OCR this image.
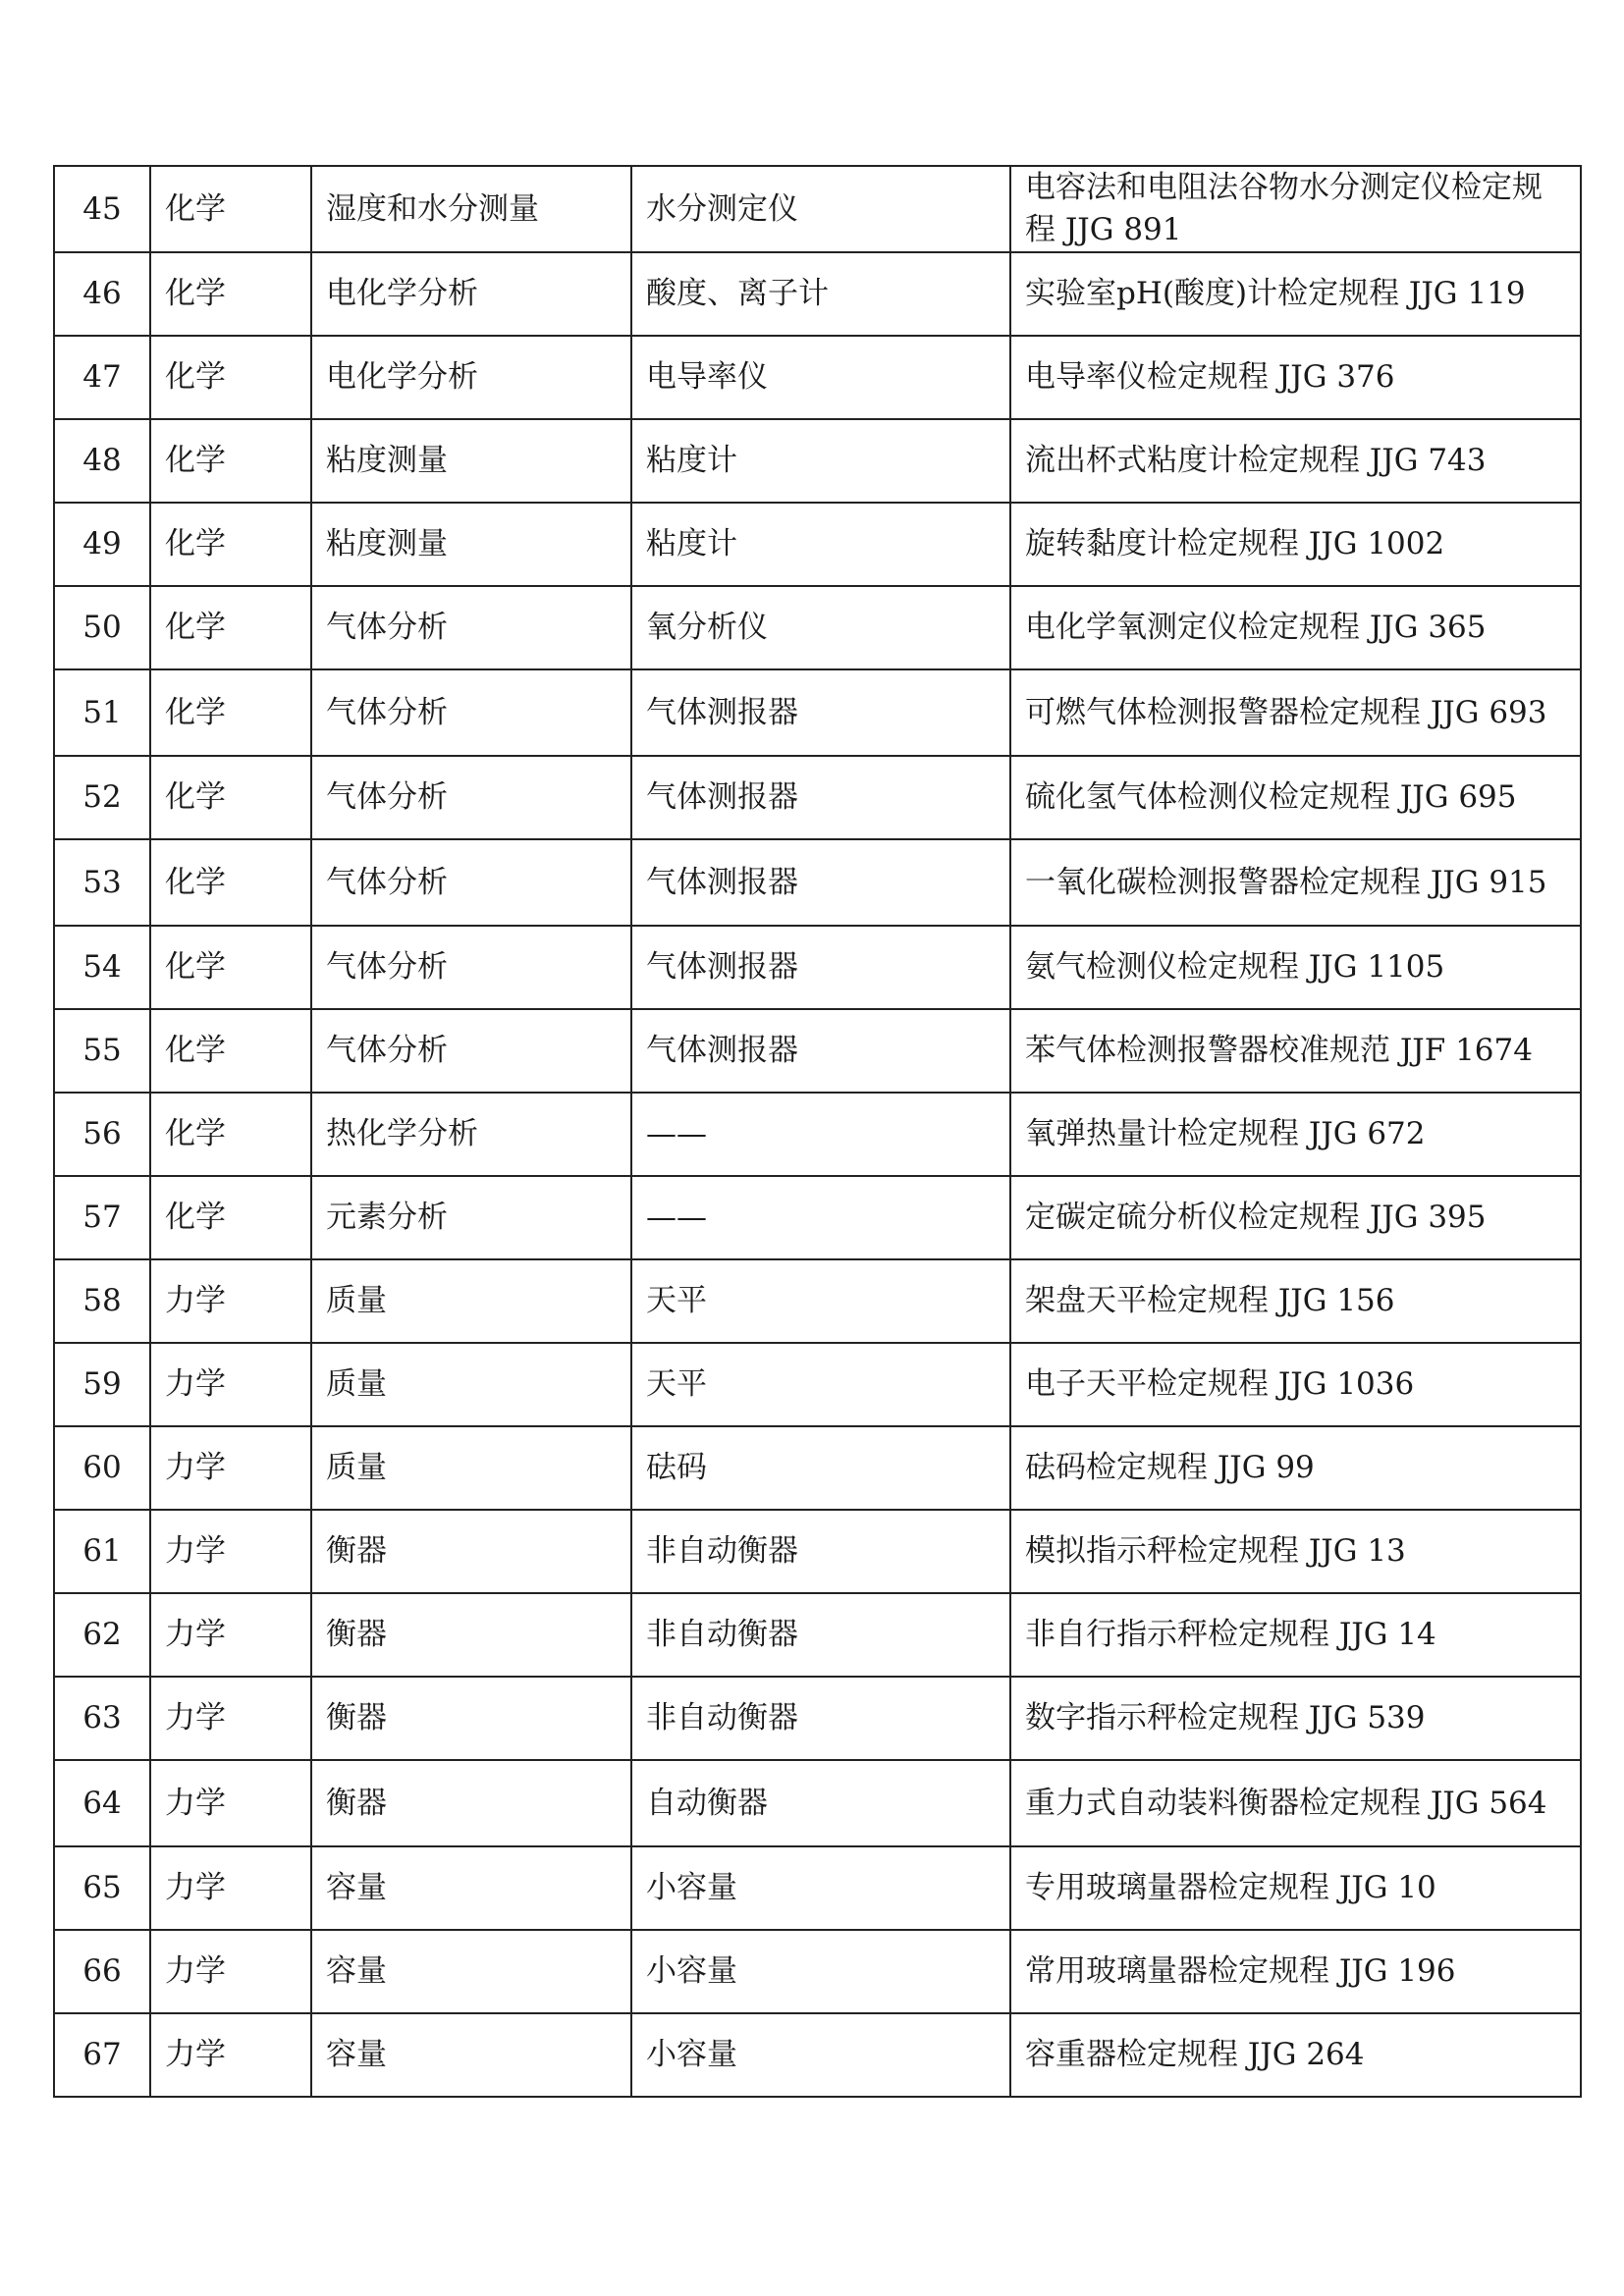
45	化学	湿度和水分测量	水分测定仪	电容法和电阻法谷物水分测定仪检定规程 JJG 891
46	化学	电化学分析	酸度、离子计	实验室pH(酸度)计检定规程 JJG 119
47	化学	电化学分析	电导率仪	电导率仪检定规程 JJG 376
48	化学	粘度测量	粘度计	流出杯式粘度计检定规程 JJG 743
49	化学	粘度测量	粘度计	旋转黏度计检定规程 JJG 1002
50	化学	气体分析	氧分析仪	电化学氧测定仪检定规程 JJG 365
51	化学	气体分析	气体测报器	可燃气体检测报警器检定规程 JJG 693
52	化学	气体分析	气体测报器	硫化氢气体检测仪检定规程 JJG 695
53	化学	气体分析	气体测报器	一氧化碳检测报警器检定规程 JJG 915
54	化学	气体分析	气体测报器	氨气检测仪检定规程 JJG 1105
55	化学	气体分析	气体测报器	苯气体检测报警器校准规范 JJF 1674
56	化学	热化学分析	——	氧弹热量计检定规程 JJG 672
57	化学	元素分析	——	定碳定硫分析仪检定规程 JJG 395
58	力学	质量	天平	架盘天平检定规程 JJG 156
59	力学	质量	天平	电子天平检定规程 JJG 1036
60	力学	质量	砝码	砝码检定规程 JJG 99
61	力学	衡器	非自动衡器	模拟指示秤检定规程 JJG 13
62	力学	衡器	非自动衡器	非自行指示秤检定规程 JJG 14
63	力学	衡器	非自动衡器	数字指示秤检定规程 JJG 539
64	力学	衡器	自动衡器	重力式自动装料衡器检定规程 JJG 564
65	力学	容量	小容量	专用玻璃量器检定规程 JJG 10
66	力学	容量	小容量	常用玻璃量器检定规程 JJG 196
67	力学	容量	小容量	容重器检定规程 JJG 264
